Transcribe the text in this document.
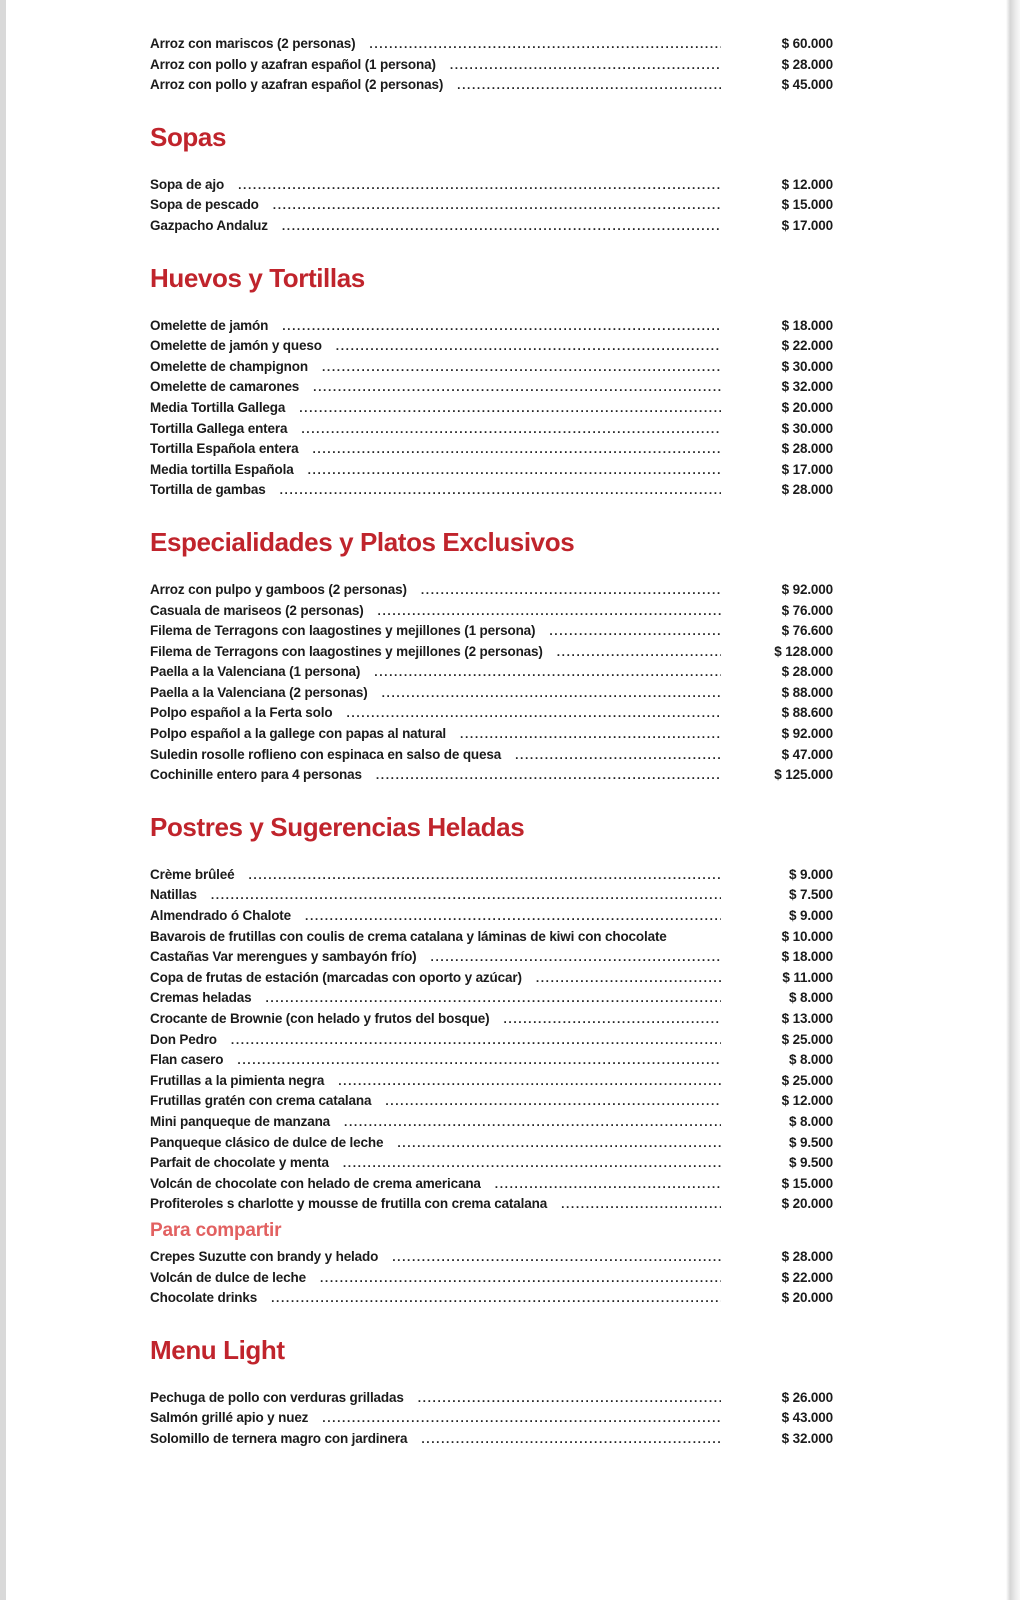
Arroz con mariscos (2 personas) .....	$ 60.000
Arroz con pollo y azafran español (1 persona) .....	$ 28.000
Arroz con pollo y azafran español (2 personas) .....	$ 45.000
Sopas
Sopa de ajo .....	$ 12.000
Sopa de pescado .....	$ 15.000
Gazpacho Andaluz .....	$ 17.000
Huevos y Tortillas
Omelette de jamón .....	$ 18.000
Omelette de jamón y queso .....	$ 22.000
Omelette de champignon .....	$ 30.000
Omelette de camarones .....	$ 32.000
Media Tortilla Gallega .....	$ 20.000
Tortilla Gallega entera .....	$ 30.000
Tortilla Española entera .....	$ 28.000
Media tortilla Española .....	$ 17.000
Tortilla de gambas .....	$ 28.000
Especialidades y Platos Exclusivos
Arroz con pulpo y gamboos (2 personas) .....	$ 92.000
Casuala de mariseos (2 personas) .....	$ 76.000
Filema de Terragons con laagostines y mejillones (1 persona) .....	$ 76.600
Filema de Terragons con laagostines y mejillones (2 personas) .....	$ 128.000
Paella a la Valenciana (1 persona) .....	$ 28.000
Paella a la Valenciana (2 personas) .....	$ 88.000
Polpo español a la Ferta solo .....	$ 88.600
Polpo español a la gallege con papas al natural .....	$ 92.000
Suledin rosolle roflieno con espinaca en salso de quesa .....	$ 47.000
Cochinille entero para 4 personas .....	$ 125.000
Postres y Sugerencias Heladas
Crème brûleé .....	$ 9.000
Natillas .....	$ 7.500
Almendrado ó Chalote .....	$ 9.000
Bavarois de frutillas con coulis de crema catalana y láminas de kiwi con chocolate	$ 10.000
Castañas Var merengues y sambayón frío) .....	$ 18.000
Copa de frutas de estación (marcadas con oporto y azúcar) .....	$ 11.000
Cremas heladas .....	$ 8.000
Crocante de Brownie (con helado y frutos del bosque) .....	$ 13.000
Don Pedro .....	$ 25.000
Flan casero .....	$ 8.000
Frutillas a la pimienta negra .....	$ 25.000
Frutillas gratén con crema catalana .....	$ 12.000
Mini panqueque de manzana .....	$ 8.000
Panqueque clásico de dulce de leche .....	$ 9.500
Parfait de chocolate y menta .....	$ 9.500
Volcán de chocolate con helado de crema americana .....	$ 15.000
Profiteroles s charlotte y mousse de frutilla con crema catalana .....	$ 20.000
Para compartir
Crepes Suzutte con brandy y helado .....	$ 28.000
Volcán de dulce de leche .....	$ 22.000
Chocolate drinks .....	$ 20.000
Menu Light
Pechuga de pollo con verduras grilladas .....	$ 26.000
Salmón grillé apio y nuez .....	$ 43.000
Solomillo de ternera magro con jardinera .....	$ 32.000
